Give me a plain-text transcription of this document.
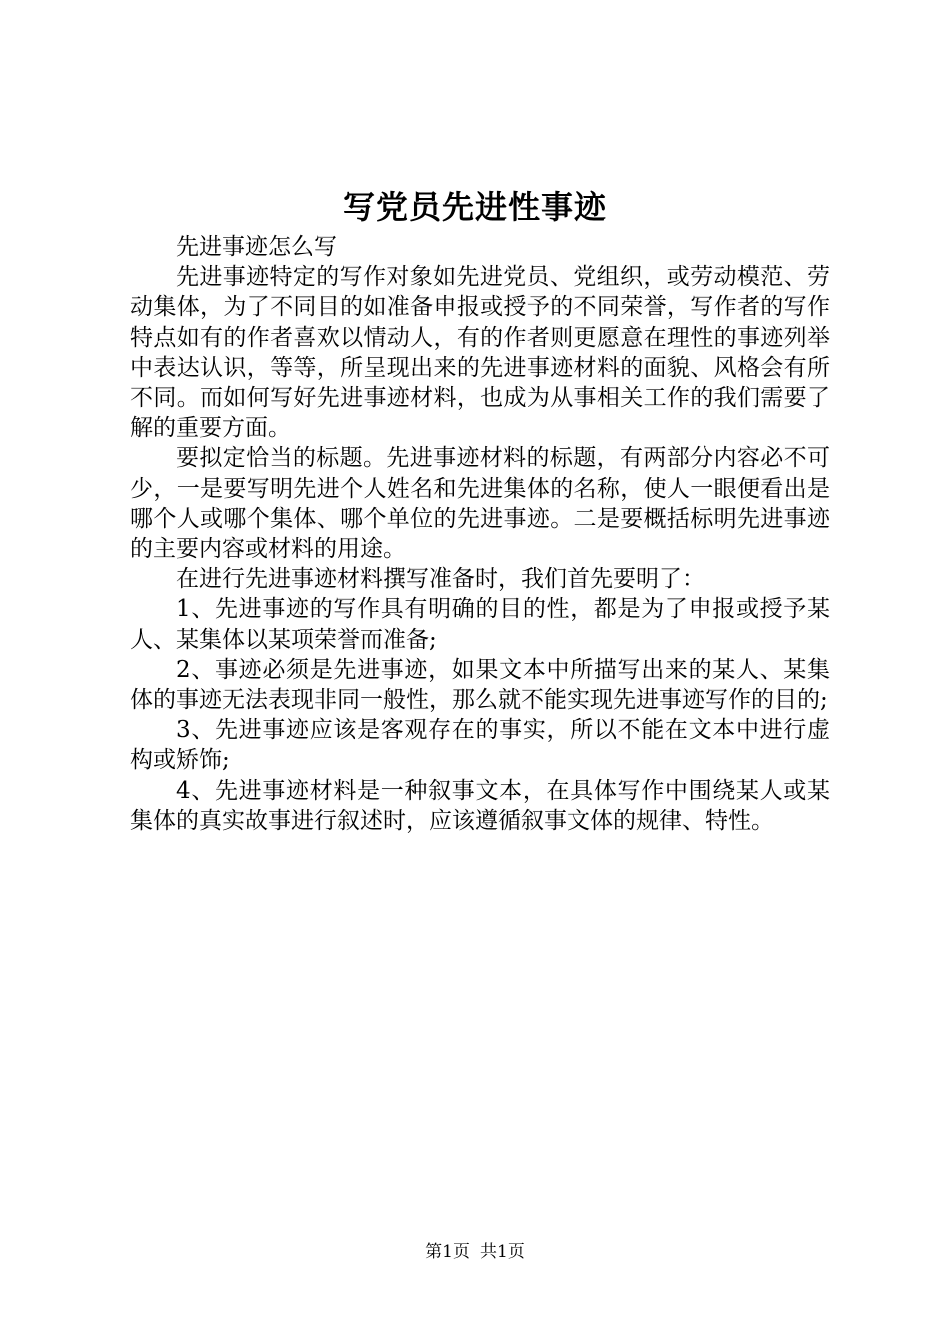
写党员先进性事迹

先进事迹怎么写

先进事迹特定的写作对象如先进党员、党组织，或劳动模范、劳动集体，为了不同目的如准备申报或授予的不同荣誉，写作者的写作特点如有的作者喜欢以情动人，有的作者则更愿意在理性的事迹列举中表达认识，等等，所呈现出来的先进事迹材料的面貌、风格会有所不同。而如何写好先进事迹材料，也成为从事相关工作的我们需要了解的重要方面。

要拟定恰当的标题。先进事迹材料的标题，有两部分内容必不可少，一是要写明先进个人姓名和先进集体的名称，使人一眼便看出是哪个人或哪个集体、哪个单位的先进事迹。二是要概括标明先进事迹的主要内容或材料的用途。

在进行先进事迹材料撰写准备时，我们首先要明了：

1、先进事迹的写作具有明确的目的性，都是为了申报或授予某人、某集体以某项荣誉而准备;

2、事迹必须是先进事迹，如果文本中所描写出来的某人、某集体的事迹无法表现非同一般性，那么就不能实现先进事迹写作的目的;

3、先进事迹应该是客观存在的事实，所以不能在文本中进行虚构或矫饰;

4、先进事迹材料是一种叙事文本，在具体写作中围绕某人或某集体的真实故事进行叙述时，应该遵循叙事文体的规律、特性。

第1页 共1页
